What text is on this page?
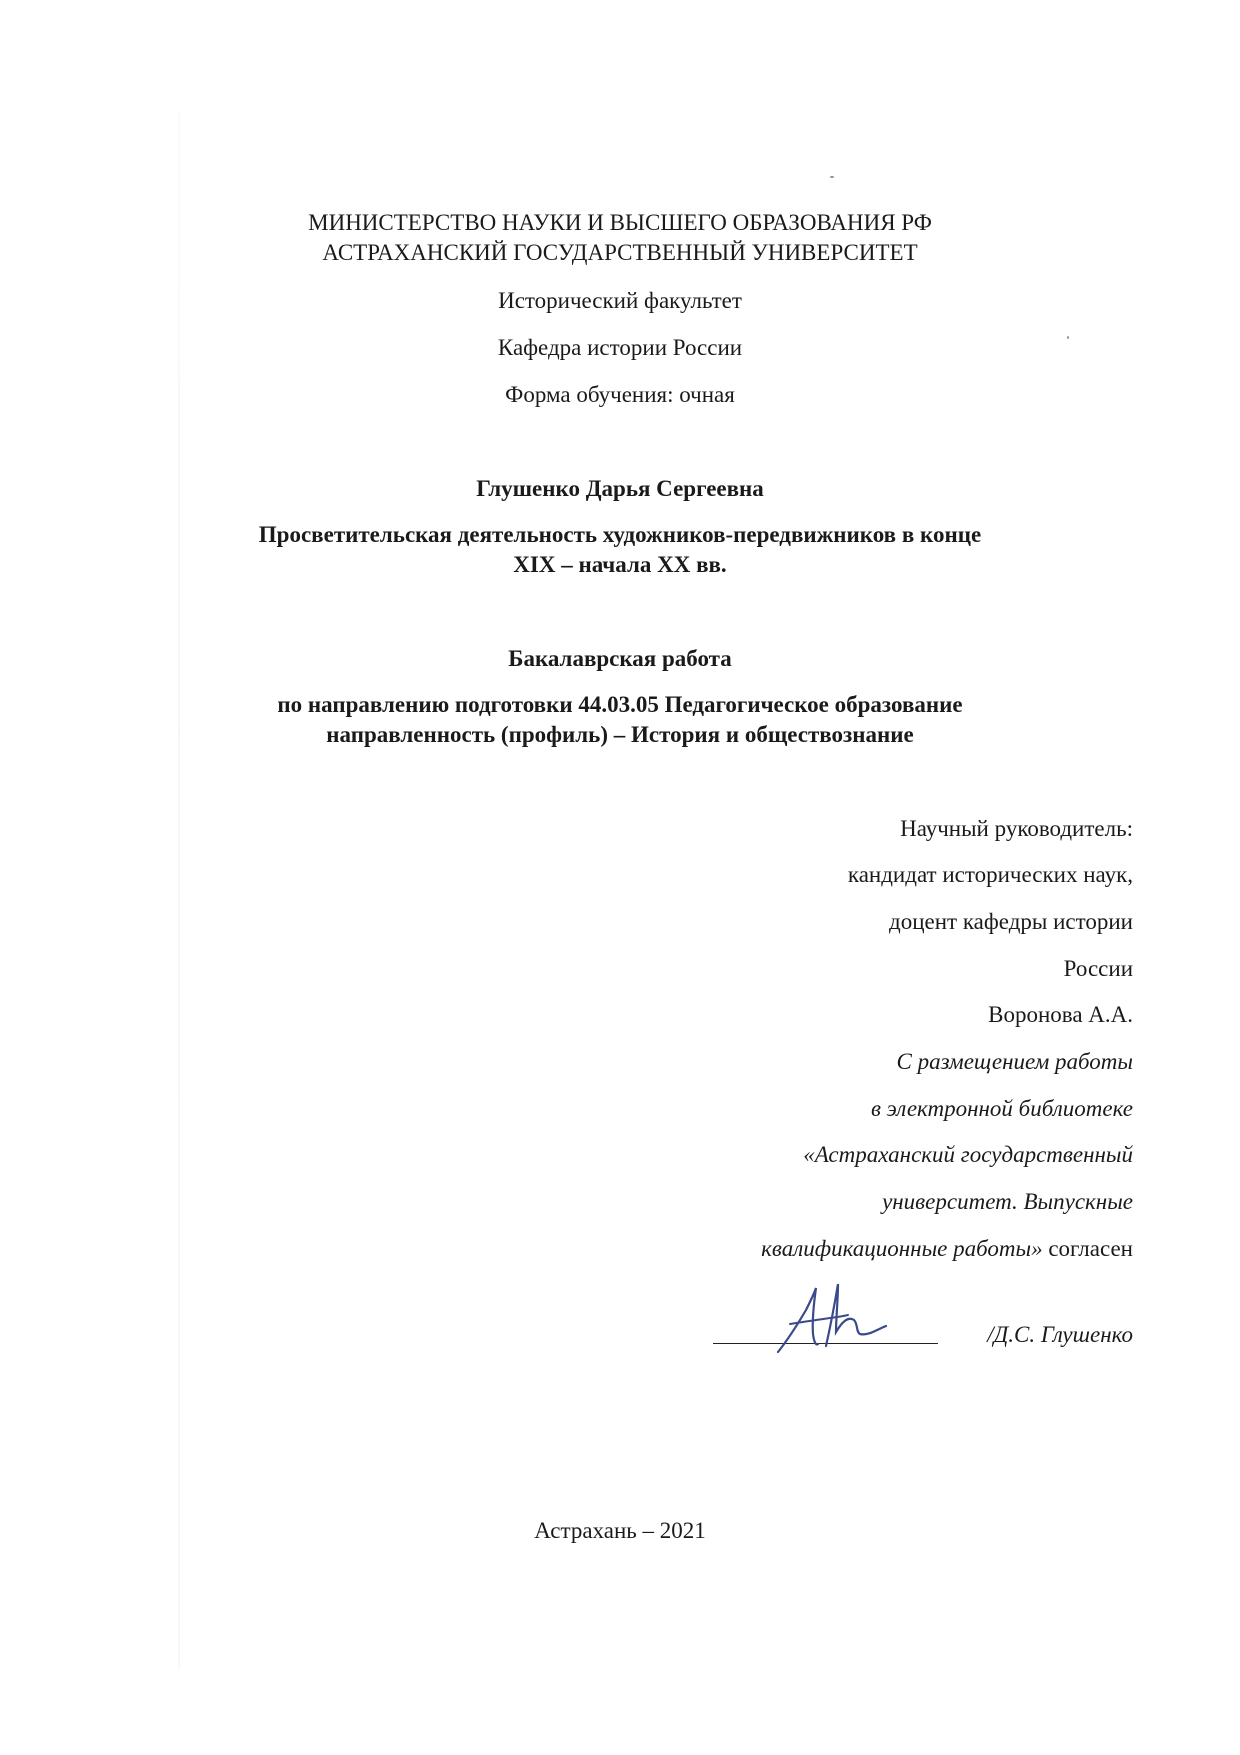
МИНИСТЕРСТВО НАУКИ И ВЫСШЕГО ОБРАЗОВАНИЯ РФ
АСТРАХАНСКИЙ ГОСУДАРСТВЕННЫЙ УНИВЕРСИТЕТ
Исторический факультет
Кафедра истории России
Форма обучения: очная
Глушенко Дарья Сергеевна
Просветительская деятельность художников-передвижников в конце
XIX – начала XX вв.
Бакалаврская работа
по направлению подготовки 44.03.05 Педагогическое образование
направленность (профиль) – История и обществознание
Научный руководитель:
кандидат исторических наук,
доцент кафедры истории
России
Воронова А.А.
С размещением работы
в электронной библиотеке
«Астраханский государственный
университет. Выпускные
квалификационные работы» согласен
/Д.С. Глушенко
Астрахань – 2021
